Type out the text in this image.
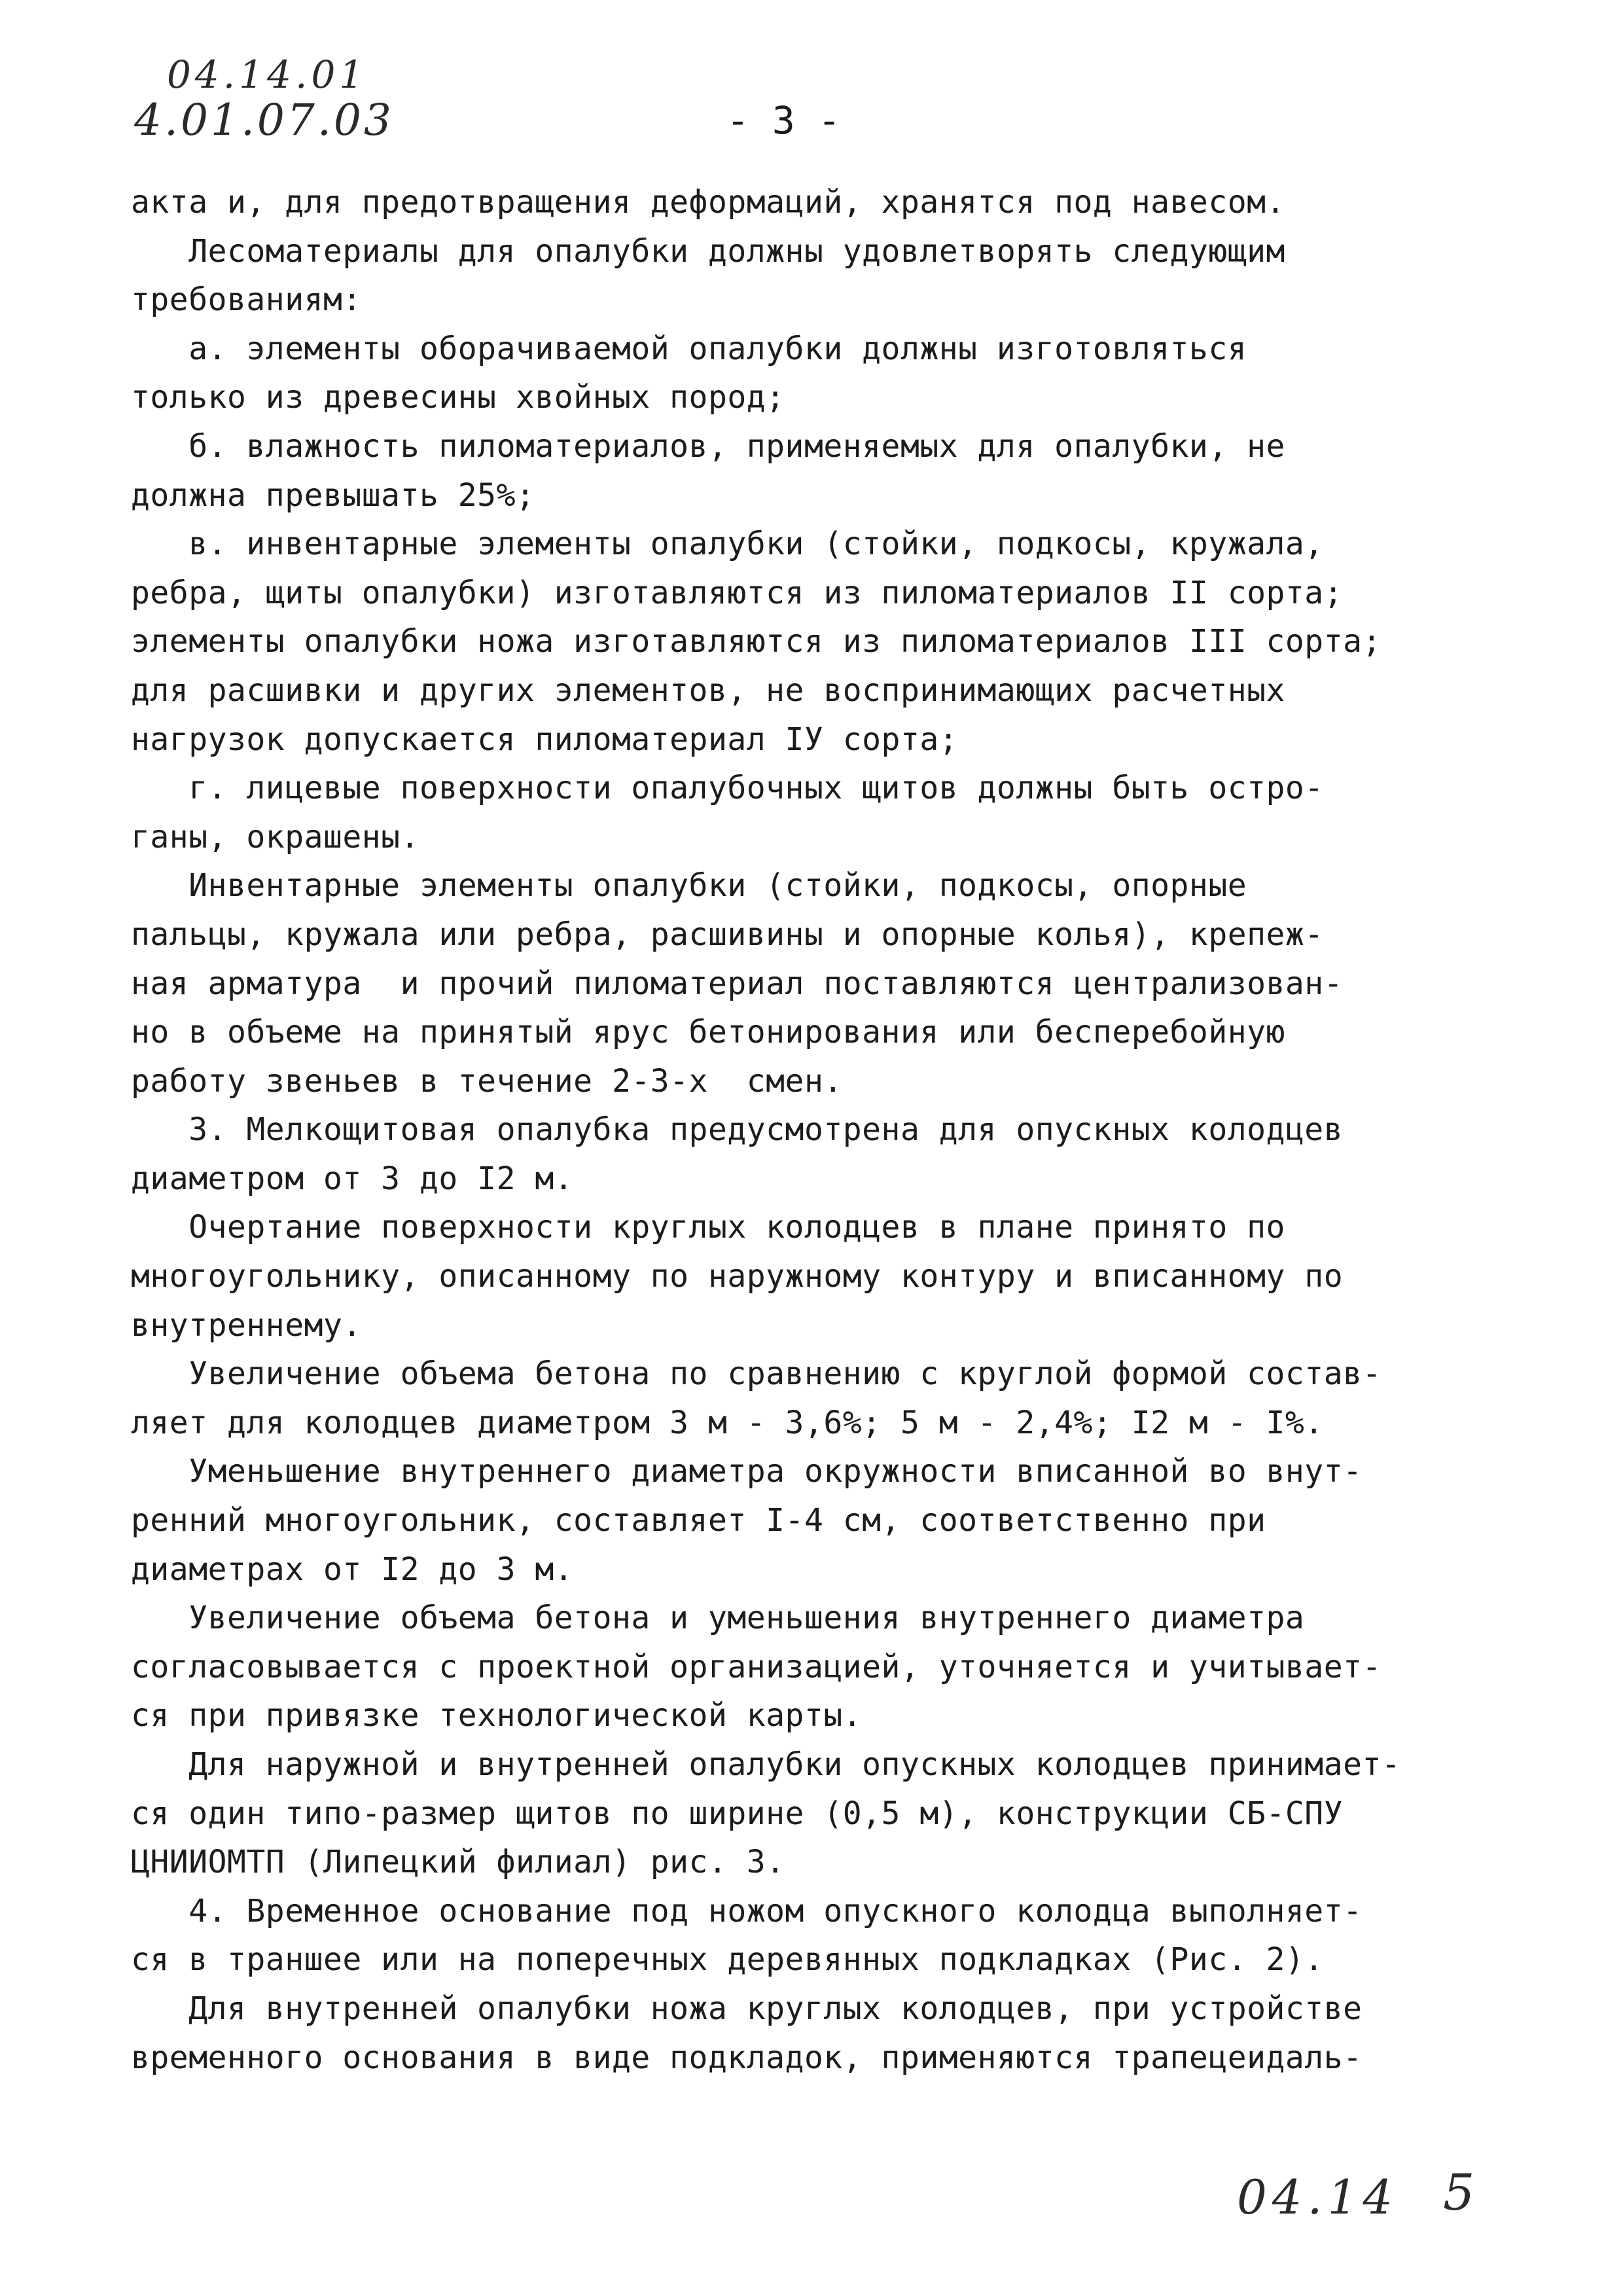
04.14.01
4.01.07.03	- 3 -
акта и, для предотвращения деформаций, хранятся под навесом.
Лесоматериалы для опалубки должны удовлетворять следующим
требованиям:
а. элементы оборачиваемой опалубки должны изготовляться
только из древесины хвойных пород;
б. влажность пиломатериалов, применяемых для опалубки, не
должна превышать 25%;
в. инвентарные элементы опалубки (стойки, подкосы, кружала,
ребра, щиты опалубки) изготавляются из пиломатериалов II сорта;
элементы опалубки ножа изготавляются из пиломатериалов III сорта;
для расшивки и других элементов, не воспринимающих расчетных
нагрузок допускается пиломатериал IУ сорта;
г. лицевые поверхности опалубочных щитов должны быть остро-
ганы, окрашены.
Инвентарные элементы опалубки (стойки, подкосы, опорные
пальцы, кружала или ребра, расшивины и опорные колья), крепеж-
ная арматура  и прочий пиломатериал поставляются централизован-
но в объеме на принятый ярус бетонирования или бесперебойную
работу звеньев в течение 2-3-х  смен.
3. Мелкощитовая опалубка предусмотрена для опускных колодцев
диаметром от 3 до I2 м.
Очертание поверхности круглых колодцев в плане принято по
многоугольнику, описанному по наружному контуру и вписанному по
внутреннему.
Увеличение объема бетона по сравнению с круглой формой состав-
ляет для колодцев диаметром 3 м - 3,6%; 5 м - 2,4%; I2 м - I%.
Уменьшение внутреннего диаметра окружности вписанной во внут-
ренний многоугольник, составляет I-4 см, соответственно при
диаметрах от I2 до 3 м.
Увеличение объема бетона и уменьшения внутреннего диаметра
согласовывается с проектной организацией, уточняется и учитывает-
ся при привязке технологической карты.
Для наружной и внутренней опалубки опускных колодцев принимает-
ся один типо-размер щитов по ширине (0,5 м), конструкции СБ-СПУ
ЦНИИОМТП (Липецкий филиал) рис. 3.
4. Временное основание под ножом опускного колодца выполняет-
ся в траншее или на поперечных деревянных подкладках (Рис. 2).
Для внутренней опалубки ножа круглых колодцев, при устройстве
временного основания в виде подкладок, применяются трапецеидаль-
04.14 5
